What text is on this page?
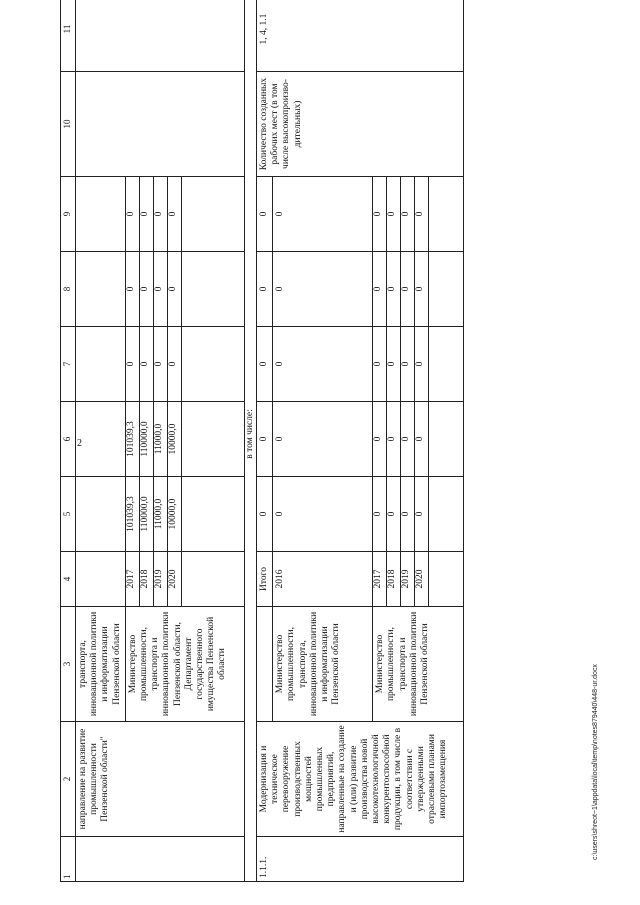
2
1	2	3	4	5	6	7	8	9	10	11
	направление на развитие промышленности Пензенской области"	транспорта, инновационной политики и информатизации Пензенской области								

		Министерство промышленности, транспорта и инновационной политики Пензенской области, Департамент государственного имущества Пензенской области	2017	101039,3	101039,3	0	0	0		
			2018	110000,0	110000,0	0	0	0		
			2019	11000,0	11000,0	0	0	0		
			2020	10000,0	10000,0	0	0	0		

в том числе:										
1.1.1.	Модернизация и техническое перевооружение производственных мощностей промышленных предприятий, направленные на создание и (или) развитие производства новой высокотехнологичной конкурентоспособной продукции, в том числе в соответствии с утвержденными отраслевыми планами импортозамещения		Итого	0	0	0	0	0	Количество созданных рабочих мест (в том числе высокопроизво-дительных)	1, 4, 1.1
		Министерство промышленности, транспорта, инновационной политики и информатизации Пензенской области	2016	0	0	0	0	0		
		Министерство промышленности, транспорта и инновационной политики Пензенской области	2017	0	0	0	0	0		
			2018	0	0	0	0	0		
			2019	0	0	0	0	0		
			2020	0	0	0	0	0		

c:\users\shreot~1\appdata\local\temp\notes879440\448-ur.docx
